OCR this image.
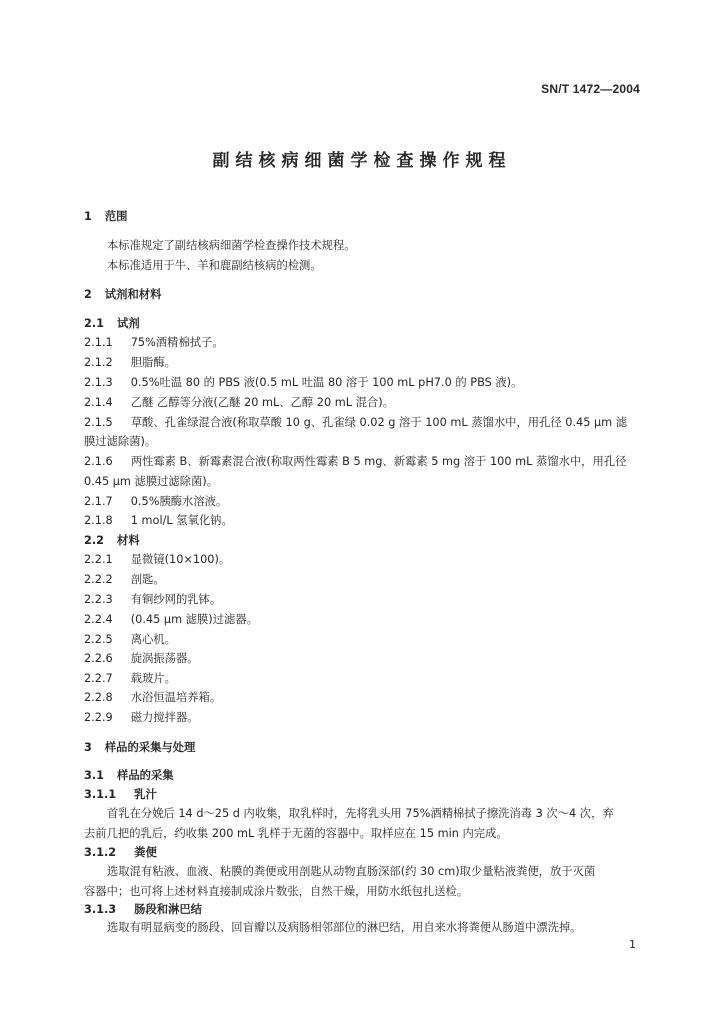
SN/T 1472—2004
副结核病细菌学检查操作规程
1 范围
本标准规定了副结核病细菌学检查操作技术规程。
本标准适用于牛、羊和鹿副结核病的检测。
2 试剂和材料
2.1 试剂
2.1.1 75%酒精棉拭子。
2.1.2 胆脂酶。
2.1.3 0.5%吐温 80 的 PBS 液(0.5 mL 吐温 80 溶于 100 mL pH7.0 的 PBS 液)。
2.1.4 乙醚 乙醇等分液(乙醚 20 mL、乙醇 20 mL 混合)。
2.1.5 草酸、孔雀绿混合液(称取草酸 10 g、孔雀绿 0.02 g 溶于 100 mL 蒸馏水中，用孔径 0.45 μm 滤
膜过滤除菌)。
2.1.6 两性霉素 B、新霉素混合液(称取两性霉素 B 5 mg、新霉素 5 mg 溶于 100 mL 蒸馏水中，用孔径
0.45 μm 滤膜过滤除菌)。
2.1.7 0.5%胰酶水溶液。
2.1.8 1 mol/L 氢氧化钠。
2.2 材料
2.2.1 显微镜(10×100)。
2.2.2 剖匙。
2.2.3 有铜纱网的乳钵。
2.2.4 (0.45 μm 滤膜)过滤器。
2.2.5 离心机。
2.2.6 旋涡振荡器。
2.2.7 载玻片。
2.2.8 水浴恒温培养箱。
2.2.9 磁力搅拌器。
3 样品的采集与处理
3.1 样品的采集
3.1.1 乳汁
首乳在分娩后 14 d～25 d 内收集，取乳样时，先将乳头用 75%酒精棉拭子擦洗消毒 3 次～4 次，弃
去前几把的乳后，约收集 200 mL 乳样于无菌的容器中。取样应在 15 min 内完成。
3.1.2 粪便
选取混有粘液、血液、粘膜的粪便或用剖匙从动物直肠深部(约 30 cm)取少量粘液粪便，放于灭菌
容器中；也可将上述材料直接制成涂片数张，自然干燥，用防水纸包扎送检。
3.1.3 肠段和淋巴结
选取有明显病变的肠段、回盲瓣以及病肠相邻部位的淋巴结，用自来水将粪便从肠道中漂洗掉。
1
